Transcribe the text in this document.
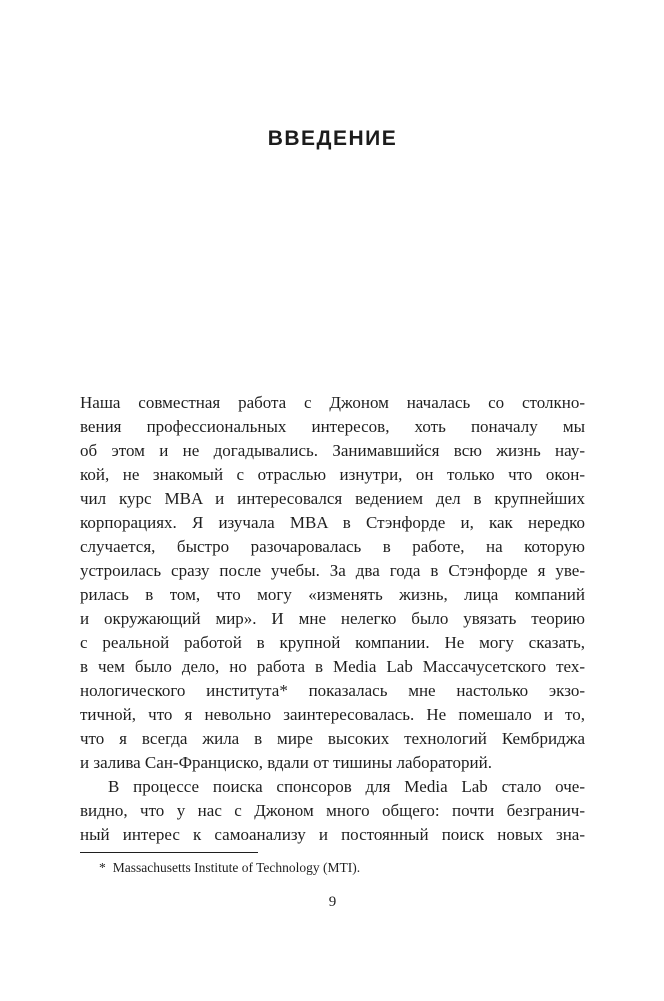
ВВЕДЕНИЕ
Наша совместная работа с Джоном началась со столкно-
вения профессиональных интересов, хоть поначалу мы
об этом и не догадывались. Занимавшийся всю жизнь нау-
кой, не знакомый с отраслью изнутри, он только что окон-
чил курс MBA и интересовался ведением дел в крупнейших
корпорациях. Я изучала MBA в Стэнфорде и, как нередко
случается, быстро разочаровалась в работе, на которую
устроилась сразу после учебы. За два года в Стэнфорде я уве-
рилась в том, что могу «изменять жизнь, лица компаний
и окружающий мир». И мне нелегко было увязать теорию
с реальной работой в крупной компании. Не могу сказать,
в чем было дело, но работа в Media Lab Массачусетского тех-
нологического института* показалась мне настолько экзо-
тичной, что я невольно заинтересовалась. Не помешало и то,
что я всегда жила в мире высоких технологий Кембриджа
и залива Сан-Франциско, вдали от тишины лабораторий.
В процессе поиска спонсоров для Media Lab стало оче-
видно, что у нас с Джоном много общего: почти безгранич-
ный интерес к самоанализу и постоянный поиск новых зна-
* Massachusetts Institute of Technology (MTI).
9
